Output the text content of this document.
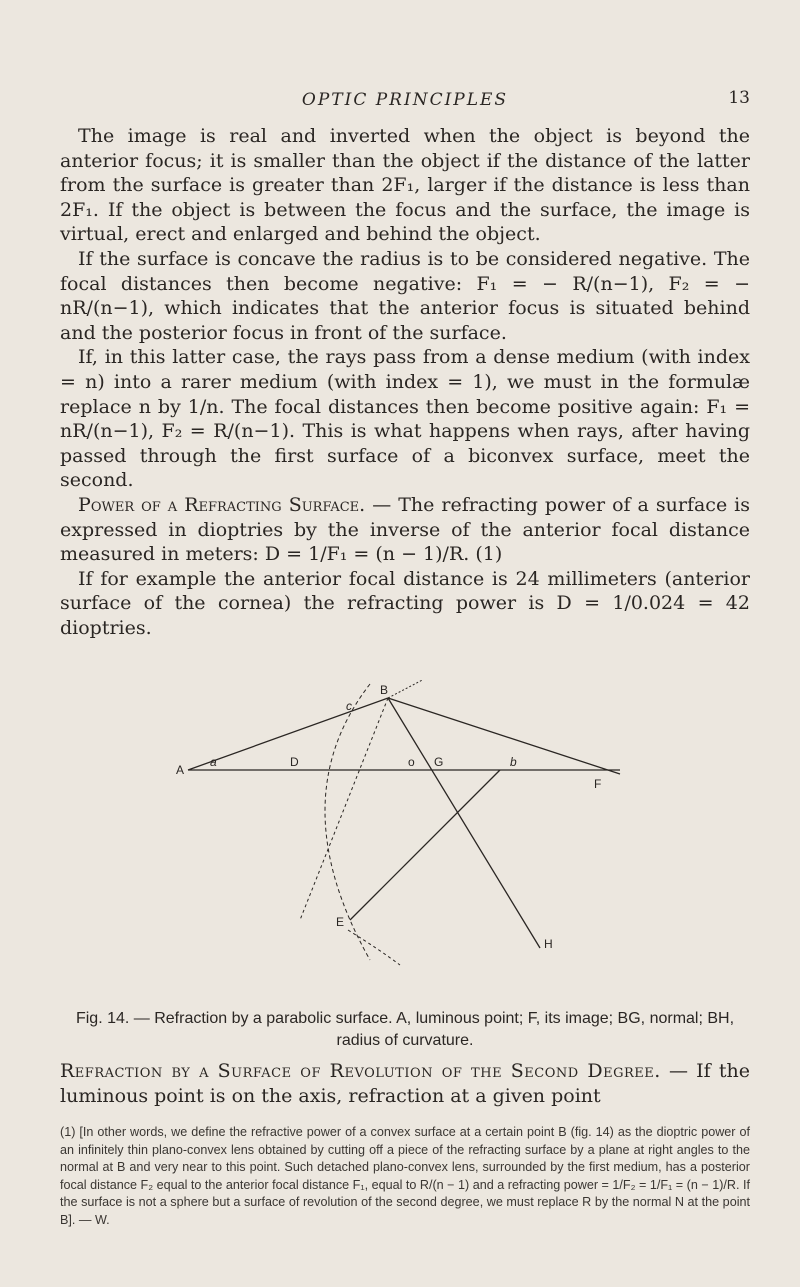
OPTIC PRINCIPLES	13

The image is real and inverted when the object is beyond the anterior focus; it is smaller than the object if the distance of the latter from the surface is greater than 2F₁, larger if the distance is less than 2F₁. If the object is between the focus and the surface, the image is virtual, erect and enlarged and behind the object.

If the surface is concave the radius is to be considered negative. The focal distances then become negative: F₁ = − R/(n−1), F₂ = − nR/(n−1), which indicates that the anterior focus is situated behind and the posterior focus in front of the surface.

If, in this latter case, the rays pass from a dense medium (with index = n) into a rarer medium (with index = 1), we must in the formulæ replace n by 1/n. The focal distances then become positive again: F₁ = nR/(n−1), F₂ = R/(n−1). This is what happens when rays, after having passed through the first surface of a biconvex surface, meet the second.

Power of a Refracting Surface. — The refracting power of a surface is expressed in dioptries by the inverse of the anterior focal distance measured in meters: D = 1/F₁ = (n − 1)/R. (1)

If for example the anterior focal distance is 24 millimeters (anterior surface of the cornea) the refracting power is D = 1/0.024 = 42 dioptries.

A
a
B
c
D	o G	b
F
E
H
Fig. 14. — Refraction by a parabolic surface. A, luminous point; F, its image; BG, normal; BH, radius of curvature.
Refraction by a Surface of Revolution of the Second Degree. — If the luminous point is on the axis, refraction at a given point
(1) [In other words, we define the refractive power of a convex surface at a certain point B (fig. 14) as the dioptric power of an infinitely thin plano-convex lens obtained by cutting off a piece of the refracting surface by a plane at right angles to the normal at B and very near to this point. Such detached plano-convex lens, surrounded by the first medium, has a posterior focal distance F₂ equal to the anterior focal distance F₁, equal to R/(n − 1) and a refracting power = 1/F₂ = 1/F₁ = (n − 1)/R. If the surface is not a sphere but a surface of revolution of the second degree, we must replace R by the normal N at the point B]. — W.
